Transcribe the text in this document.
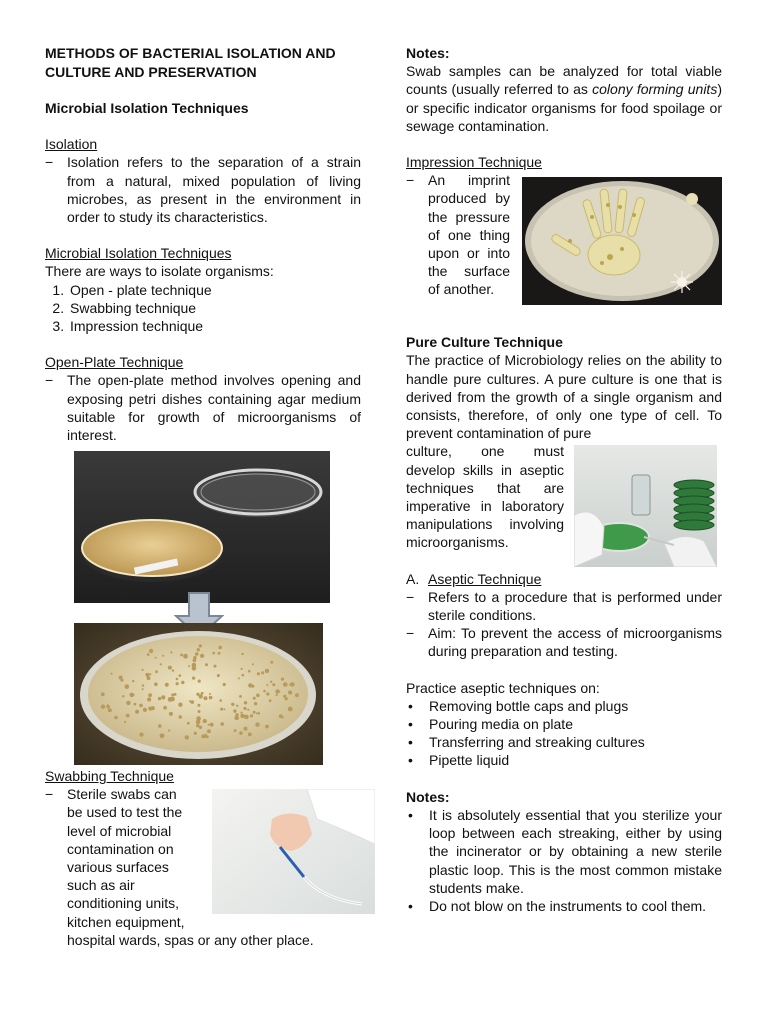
METHODS OF BACTERIAL ISOLATION AND

CULTURE AND PRESERVATION

Microbial Isolation Techniques

Isolation

− Isolation refers to the separation of a strain from a natural, mixed population of living microbes, as present in the environment in order to study its characteristics.

Microbial Isolation Techniques

There are ways to isolate organisms:

1. Open - plate technique
2. Swabbing technique
3. Impression technique

Open-Plate Technique

− The open-plate method involves opening and exposing petri dishes containing agar medium suitable for growth of microorganisms of interest.

Swabbing Technique

− Sterile swabs can
be used to test the
level of microbial
contamination on
various surfaces
such as air
conditioning units,
kitchen equipment,
hospital wards, spas or any other place.

Notes:

Swab samples can be analyzed for total viable counts (usually referred to as colony forming units) or specific indicator organisms for food spoilage or sewage contamination.

Impression Technique

− An imprint produced by the pressure of one thing upon or into the surface of another.

Pure Culture Technique

The practice of Microbiology relies on the ability to handle pure cultures. A pure culture is one that is derived from the growth of a single organism and consists, therefore, of only one type of cell. To prevent contamination of pure

culture, one must develop skills in aseptic techniques that are imperative in laboratory manipulations involving microorganisms.

A. Aseptic Technique

− Refers to a procedure that is performed under sterile conditions.

− Aim: To prevent the access of microorganisms during preparation and testing.

Practice aseptic techniques on:

• Removing bottle caps and plugs
• Pouring media on plate
• Transferring and streaking cultures
• Pipette liquid

Notes:

• It is absolutely essential that you sterilize your loop between each streaking, either by using the incinerator or by obtaining a new sterile plastic loop. This is the most common mistake students make.
• Do not blow on the instruments to cool them.
